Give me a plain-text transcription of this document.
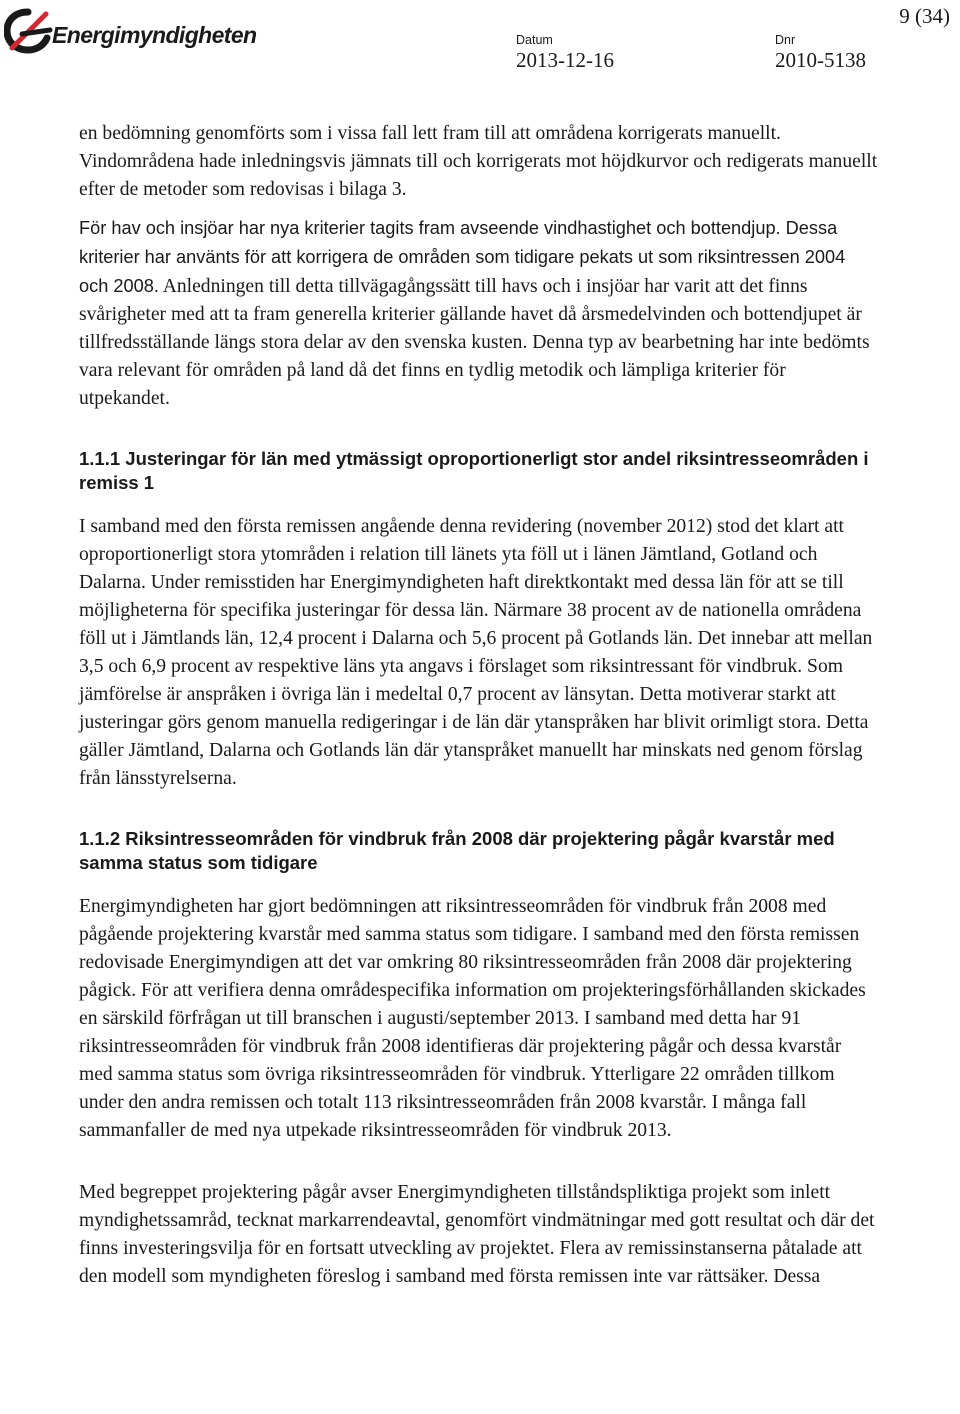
Energimyndigheten
9 (34)
Datum
2013-12-16
Dnr
2010-5138

en bedömning genomförts som i vissa fall lett fram till att områdena korrigerats manuellt. Vindområdena hade inledningsvis jämnats till och korrigerats mot höjdkurvor och redigerats manuellt efter de metoder som redovisas i bilaga 3.

För hav och insjöar har nya kriterier tagits fram avseende vindhastighet och bottendjup. Dessa kriterier har använts för att korrigera de områden som tidigare pekats ut som riksintressen 2004 och 2008. Anledningen till detta tillvägagångssätt till havs och i insjöar har varit att det finns svårigheter med att ta fram generella kriterier gällande havet då årsmedelvinden och bottendjupet är tillfredsställande längs stora delar av den svenska kusten. Denna typ av bearbetning har inte bedömts vara relevant för områden på land då det finns en tydlig metodik och lämpliga kriterier för utpekandet.

1.1.1 Justeringar för län med ytmässigt oproportionerligt stor andel riksintresseområden i remiss 1

I samband med den första remissen angående denna revidering (november 2012) stod det klart att oproportionerligt stora ytområden i relation till länets yta föll ut i länen Jämtland, Gotland och Dalarna. Under remisstiden har Energimyndigheten haft direktkontakt med dessa län för att se till möjligheterna för specifika justeringar för dessa län. Närmare 38 procent av de nationella områdena föll ut i Jämtlands län, 12,4 procent i Dalarna och 5,6 procent på Gotlands län. Det innebar att mellan 3,5 och 6,9 procent av respektive läns yta angavs i förslaget som riksintressant för vindbruk. Som jämförelse är anspråken i övriga län i medeltal 0,7 procent av länsytan. Detta motiverar starkt att justeringar görs genom manuella redigeringar i de län där ytanspråken har blivit orimligt stora. Detta gäller Jämtland, Dalarna och Gotlands län där ytanspråket manuellt har minskats ned genom förslag från länsstyrelserna.

1.1.2 Riksintresseområden för vindbruk från 2008 där projektering pågår kvarstår med samma status som tidigare

Energimyndigheten har gjort bedömningen att riksintresseområden för vindbruk från 2008 med pågående projektering kvarstår med samma status som tidigare. I samband med den första remissen redovisade Energimyndigen att det var omkring 80 riksintresseområden från 2008 där projektering pågick. För att verifiera denna områdespecifika information om projekteringsförhållanden skickades en särskild förfrågan ut till branschen i augusti/september 2013. I samband med detta har 91 riksintresseområden för vindbruk från 2008 identifieras där projektering pågår och dessa kvarstår med samma status som övriga riksintresseområden för vindbruk. Ytterligare 22 områden tillkom under den andra remissen och totalt 113 riksintresseområden från 2008 kvarstår. I många fall sammanfaller de med nya utpekade riksintresseområden för vindbruk 2013.

Med begreppet projektering pågår avser Energimyndigheten tillståndspliktiga projekt som inlett myndighetssamråd, tecknat markarrendeavtal, genomfört vindmätningar med gott resultat och där det finns investeringsvilja för en fortsatt utveckling av projektet. Flera av remissinstanserna påtalade att den modell som myndigheten föreslog i samband med första remissen inte var rättsäker. Dessa
